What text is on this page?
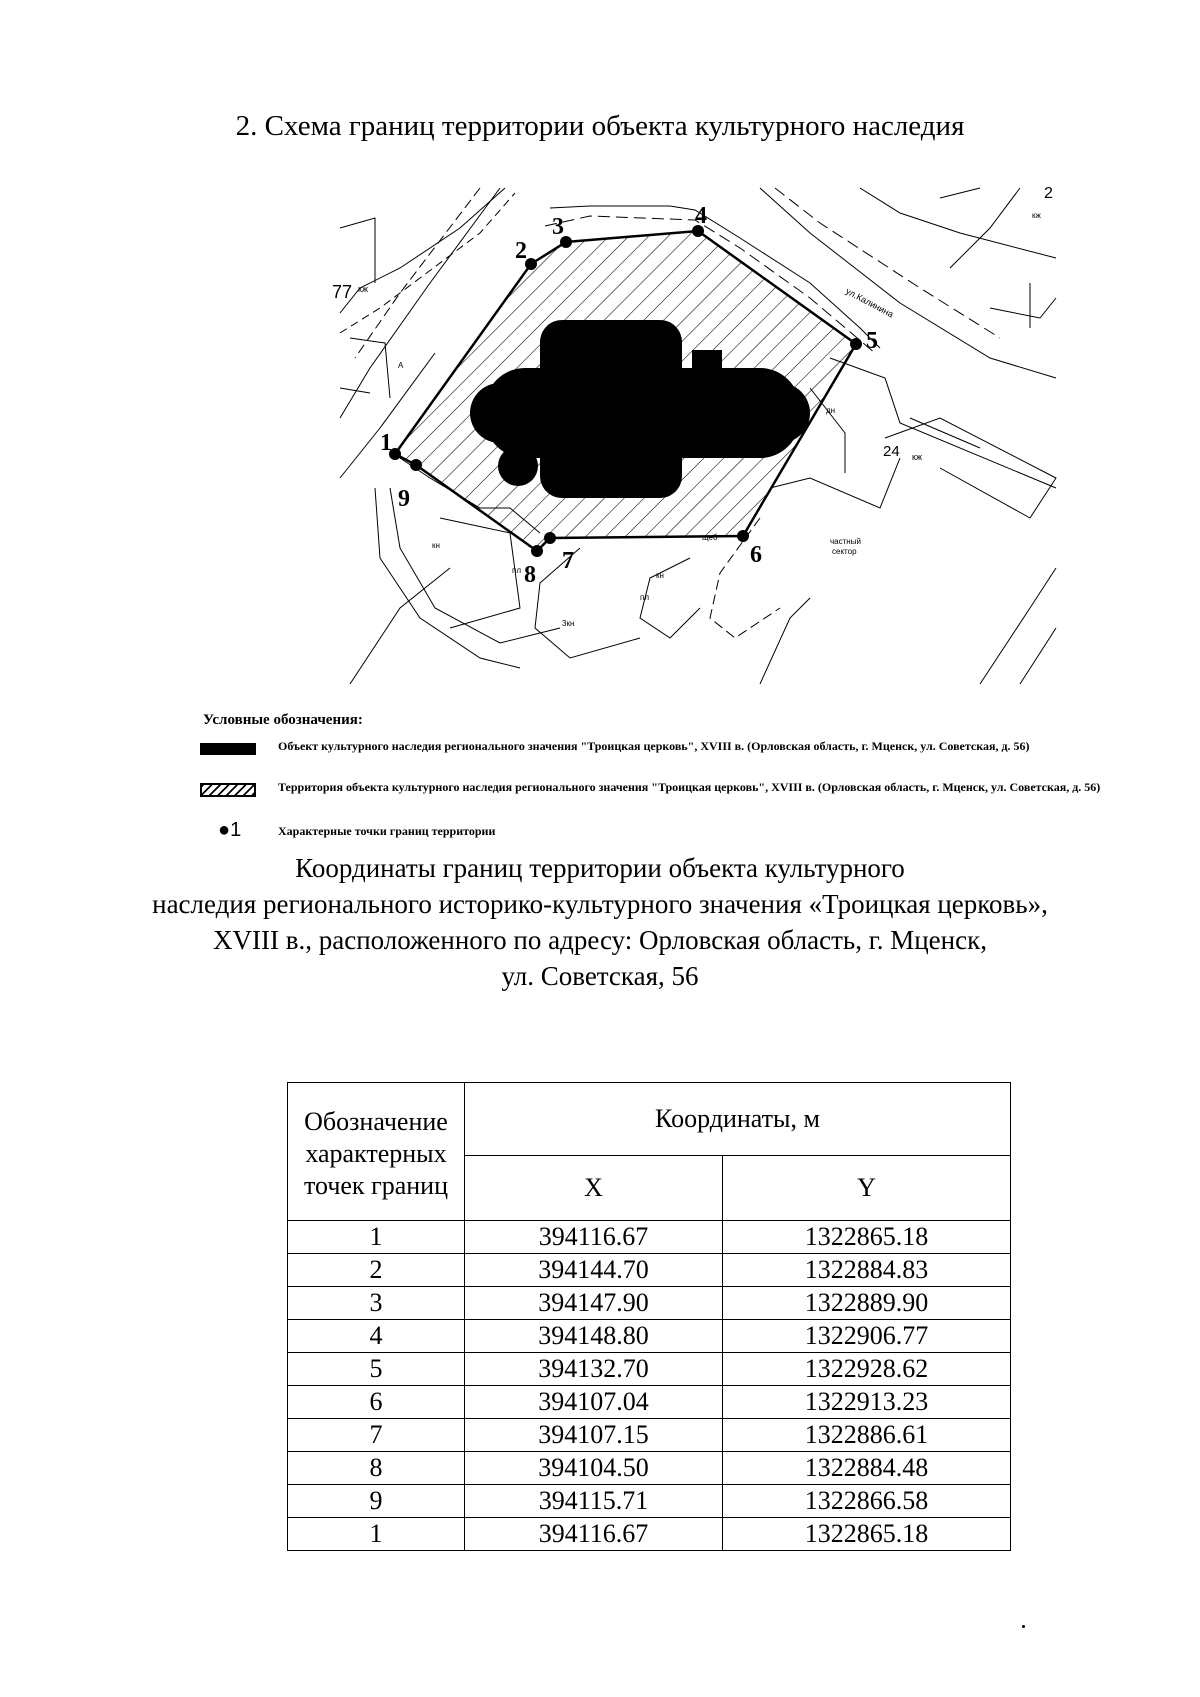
2. Схема границ территории объекта культурного наследия
1
2
3	4
5
6
7
8
9
77 кж
24 кж
2
кж
ул.Калинина
частный
сектор
кн
кн
пл
пл
3кн
дн
щеб
А
Условные обозначения:
Объект культурного наследия регионального значения "Троицкая церковь", XVIII в. (Орловская область, г. Мценск, ул. Советская, д. 56)
Территория объекта культурного наследия регионального значения "Троицкая церковь", XVIII в. (Орловская область, г. Мценск, ул. Советская, д. 56)
●1	Характерные точки границ территории
Координаты границ территории объекта культурного
наследия регионального историко-культурного значения «Троицкая церковь»,
XVIII в., расположенного по адресу: Орловская область, г. Мценск,
ул. Советская, 56
Обозначение характерных точек границ	Координаты, м	
	X	Y
1	394116.67	1322865.18
2	394144.70	1322884.83
3	394147.90	1322889.90
4	394148.80	1322906.77
5	394132.70	1322928.62
6	394107.04	1322913.23
7	394107.15	1322886.61
8	394104.50	1322884.48
9	394115.71	1322866.58
1	394116.67	1322865.18
